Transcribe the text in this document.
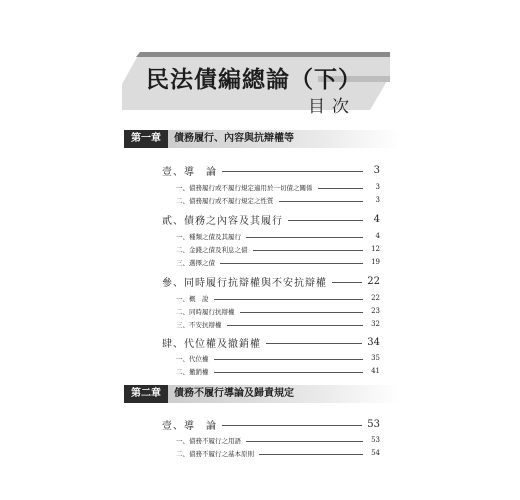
民法債編總論（下）
目次
第一章	債務履行、內容與抗辯權等
壹、導　論	3
一、債務履行或不履行規定適用於一切債之關係	3
二、債務履行或不履行規定之性質	3
貳、債務之內容及其履行	4
一、種類之債及其履行	4
二、金錢之債及利息之債	12
三、選擇之債	19
參、同時履行抗辯權與不安抗辯權	22
一、概　說	22
二、同時履行抗辯權	23
三、不安抗辯權	32
肆、代位權及撤銷權	34
一、代位權	35
二、撤銷權	41
第二章	債務不履行導論及歸責規定
壹、導　論	53
一、債務不履行之用語	53
二、債務不履行之基本原則	54
